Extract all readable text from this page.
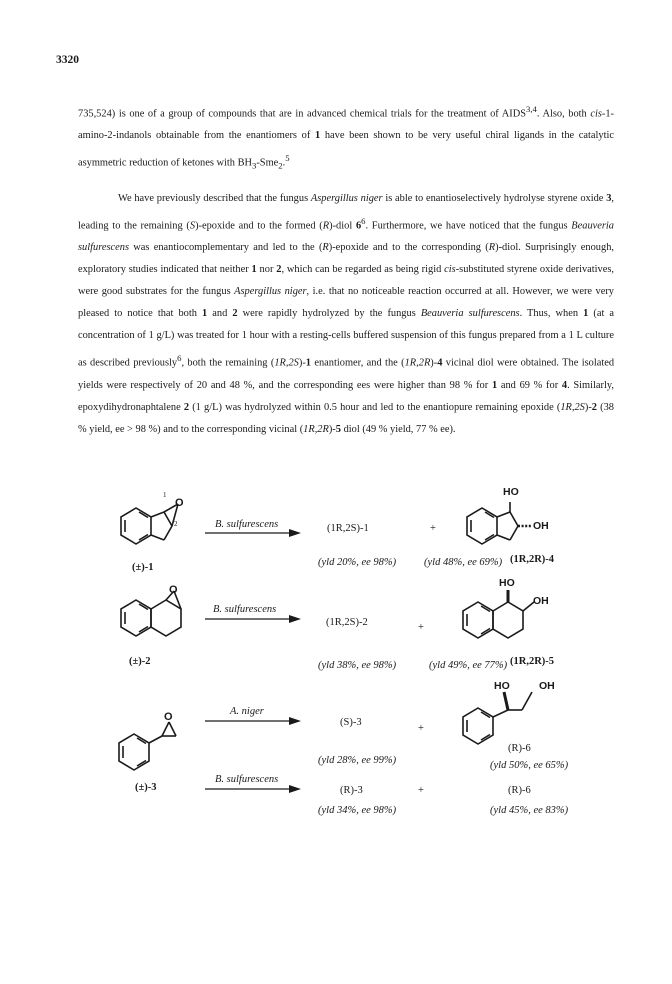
3320

735,524) is one of a group of compounds that are in advanced chemical trials for the treatment of AIDS$^{3,4}$. Also, both cis-1-amino-2-indanols obtainable from the enantiomers of 1 have been shown to be very useful chiral ligands in the catalytic asymmetric reduction of ketones with $BH_3-Sme_2.^5$

We have previously described that the fungus Aspergillus niger is able to enantioselectively hydrolyse styrene oxide 3, leading to the remaining (S)-epoxide and to the formed (R)-diol $6^6$. Furthermore, we have noticed that the fungus Beauveria sulfurescens was enantiocomplementary and led to the (R)-epoxide and to the corresponding (R)-diol. Surprisingly enough, exploratory studies indicated that neither 1 nor 2, which can be regarded as being rigid cis-substituted styrene oxide derivatives, were good substrates for the fungus Aspergillus niger, i.e. that no noticeable reaction occurred at all. However, we were very pleased to notice that both 1 and 2 were rapidly hydrolyzed by the fungus Beauveria sulfurescens. Thus, when 1 (at a concentration of 1 g/L) was treated for 1 hour with a resting-cells buffered suspension of this fungus prepared from a 1 L culture as described previously$^6$, both the remaining (1R,2S)-1 enantiomer, and the (1R,2R)-4 vicinal diol were obtained. The isolated yields were respectively of 20 and 48 %, and the corresponding ees were higher than 98 % for 1 and 69 % for 4. Similarly, epoxydihydronaphtalene 2 (1 g/L) was hydrolyzed within 0.5 hour and led to the enantiopure remaining epoxide (1R,2S)-2 (38 % yield, ee > 98 %) and to the corresponding vicinal (1R,2R)-5 diol (49 % yield, 77 % ee).

O
1
2
(±)-1
B. sulfurescens	(1R,2S)-1
(yld 20%, ee 98%)
+
HO
OH
(yld 48%, ee 69%) (1R,2R)-4
O
(±)-2
B. sulfurescens
(1R,2S)-2
(yld 38%, ee 98%)
+
HO
OH
(yld 49%, ee 77%) (1R,2R)-5
O
(±)-3
A. niger
(S)-3
(yld 28%, ee 99%)
+
HO	OH
(R)-6
(yld 50%, ee 65%)
B. sulfurescens
(R)-3
(yld 34%, ee 98%)
+	(R)-6
(yld 45%, ee 83%)
